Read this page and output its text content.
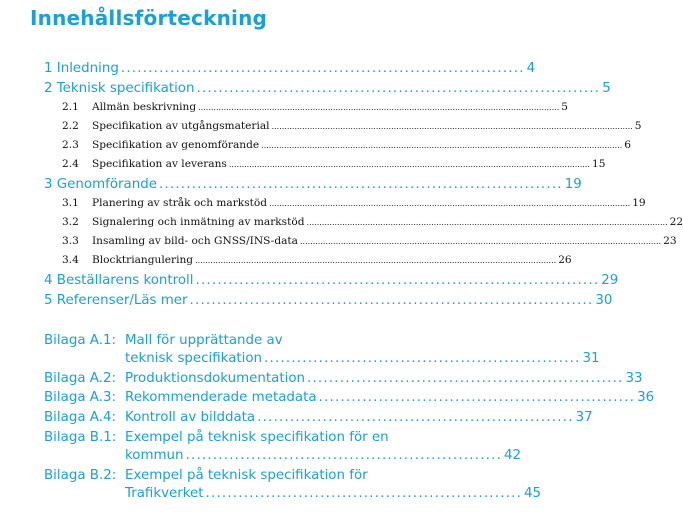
Innehållsförteckning
1 Inledning .......................................................................... 4
2 Teknisk specifikation .......................................................................... 5
2.1 Allmän beskrivning .............................................................................................................................................. 5
2.2 Specifikation av utgångsmaterial .............................................................................................................................................. 5
2.3 Specifikation av genomförande .............................................................................................................................................. 6
2.4 Specifikation av leverans .............................................................................................................................................. 15
3 Genomförande .......................................................................... 19
3.1 Planering av stråk och markstöd .............................................................................................................................................. 19
3.2 Signalering och inmätning av markstöd .............................................................................................................................................. 22
3.3 Insamling av bild- och GNSS/INS-data .............................................................................................................................................. 23
3.4 Blocktriangulering .............................................................................................................................................. 26
4 Beställarens kontroll .......................................................................... 29
5 Referenser/Läs mer .......................................................................... 30
Bilaga A.1: Mall för upprättande av
teknisk specifikation .......................................................... 31
Bilaga A.2: Produktionsdokumentation .......................................................... 33
Bilaga A.3: Rekommenderade metadata .......................................................... 36
Bilaga A.4: Kontroll av bilddata .......................................................... 37
Bilaga B.1: Exempel på teknisk specifikation för en
kommun .......................................................... 42
Bilaga B.2: Exempel på teknisk specifikation för
Trafikverket .......................................................... 45
